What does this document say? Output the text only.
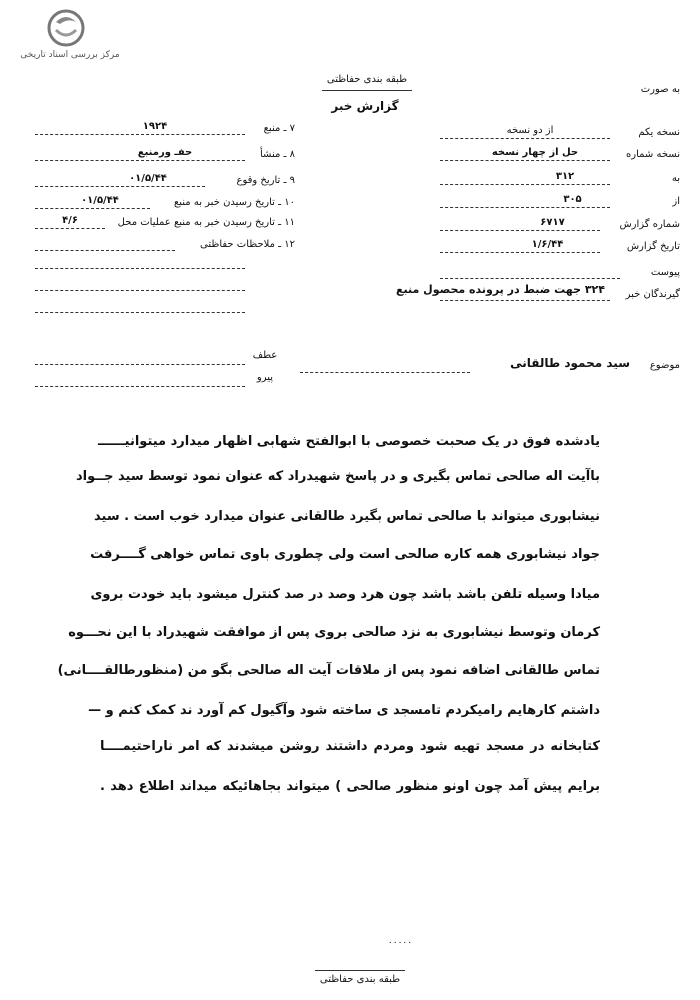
مرکز بررسی اسناد تاریخی
به صورت
طبقه بندی حفاظتی
گزارش خبر
۷ ـ منبع
۱۹۲۴
۸ ـ منشأ
حفـ ورمنبع
۹ ـ تاریخ وقوع
۰۱/۵/۴۴
۱۰ ـ تاریخ رسیدن خبر به منبع
۰۱/۵/۴۴
۱۱ ـ تاریخ رسیدن خبر به منبع عملیات محل
۴/۶
۱۲ ـ ملاحظات حفاظتی
نسخه یکم
از دو نسخه
نسخه شماره
حل از چهار نسخه
به
۳۱۲
از
۳۰۵
شماره گزارش
۶۷۱۷
تاریخ گزارش
۱/۶/۴۴
پیوست
گیرندگان خبر
۳۲۴ جهت ضبط در پرونده محصول منبع
عطف
پیرو
موضوع
سید محمود طالقانی
یادشده فوق در یک صحبت خصوصی با ابوالفتح شهابی اظهار میدارد میتوانیــــــ
باآیت اله صالحی تماس بگیری و در پاسخ شهیدراد که عنوان نمود توسط سید جــواد
نیشابوری میتواند با صالحی تماس بگیرد طالقانی عنوان میدارد خوب است . سید
جواد نیشابوری همه کاره صالحی است ولی چطوری باوی تماس خواهی گــــرفت
میادا وسیله تلفن باشد باشد چون هرد وصد در صد کنترل میشود باید خودت بروی
کرمان وتوسط نیشابوری به نزد صالحی بروی پس از موافقت شهیدراد با این نحـــوه
تماس طالقانی اضافه نمود پس از ملاقات آیت اله صالحی بگو من (منظورطالقــــانی)
داشتم کارهایم رامیکردم تامسجد ی ساخته شود وآگیول کم آورد ند کمک کنم و —
کتابخانه در مسجد تهیه شود ومردم داشتند روشن میشدند که امر ناراحتیمــــا
برایم پیش آمد چون اونو منظور صالحی ) میتواند بجاهائیکه میداند اطلاع دهد .
۰۰۰۰۰
طبقه بندی حفاظتی
